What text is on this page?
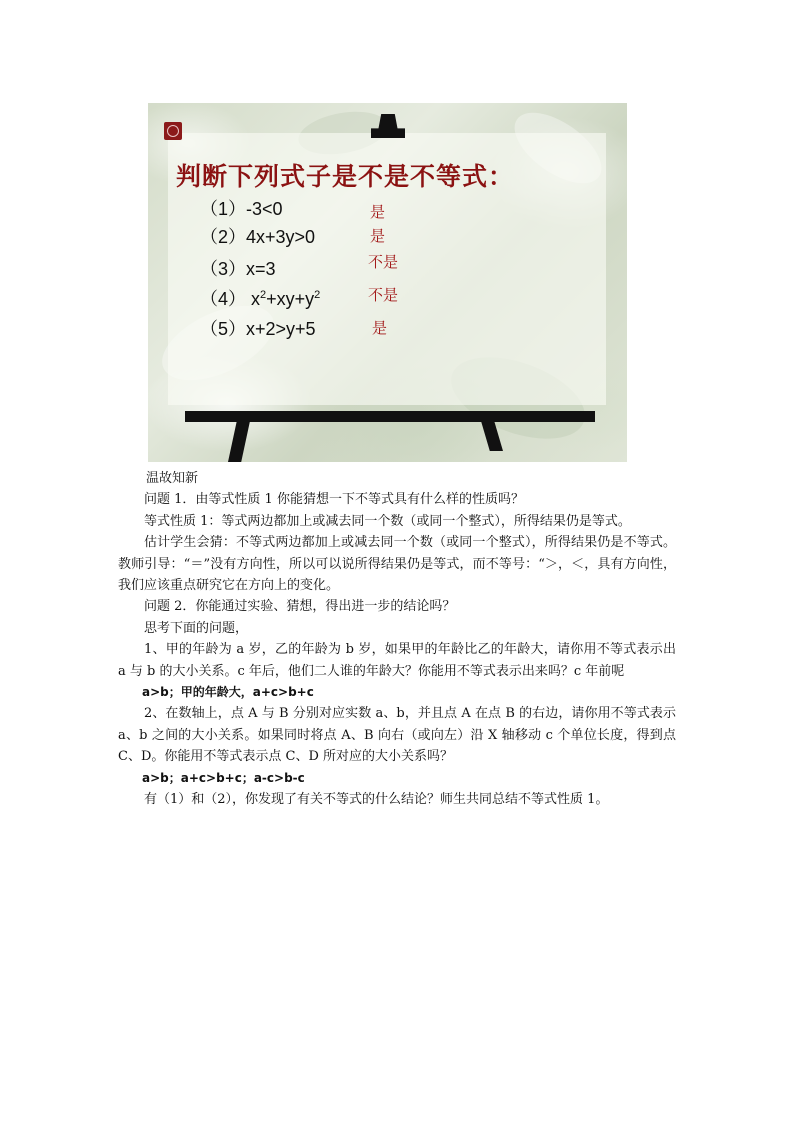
判断下列式子是不是不等式：
（1）-3<0	是
（2）4x+3y>0	是
（3）x=3	不是
（4） $x^2+xy+y^2$	不是
（5）x+2>y+5	是

温故知新

问题 1．由等式性质 1 你能猜想一下不等式具有什么样的性质吗？

等式性质 1：等式两边都加上或减去同一个数（或同一个整式），所得结果仍是等式。

估计学生会猜：不等式两边都加上或减去同一个数（或同一个整式），所得结果仍是不等式。教师引导：“＝”没有方向性，所以可以说所得结果仍是等式，而不等号：“＞，＜，具有方向性，我们应该重点研究它在方向上的变化。

问题 2．你能通过实验、猜想，得出进一步的结论吗？

思考下面的问题，

1、甲的年龄为 a 岁，乙的年龄为 b 岁，如果甲的年龄比乙的年龄大，请你用不等式表示出 a 与 b 的大小关系。c 年后，他们二人谁的年龄大？你能用不等式表示出来吗？c 年前呢

a>b；甲的年龄大，a+c>b+c

2、在数轴上，点 A 与 B 分别对应实数 a、b，并且点 A 在点 B 的右边，请你用不等式表示 a、b 之间的大小关系。如果同时将点 A、B 向右（或向左）沿 X 轴移动 c 个单位长度，得到点 C、D。你能用不等式表示点 C、D 所对应的大小关系吗？

a>b；a+c>b+c；a-c>b-c

有（1）和（2），你发现了有关不等式的什么结论？师生共同总结不等式性质 1。
